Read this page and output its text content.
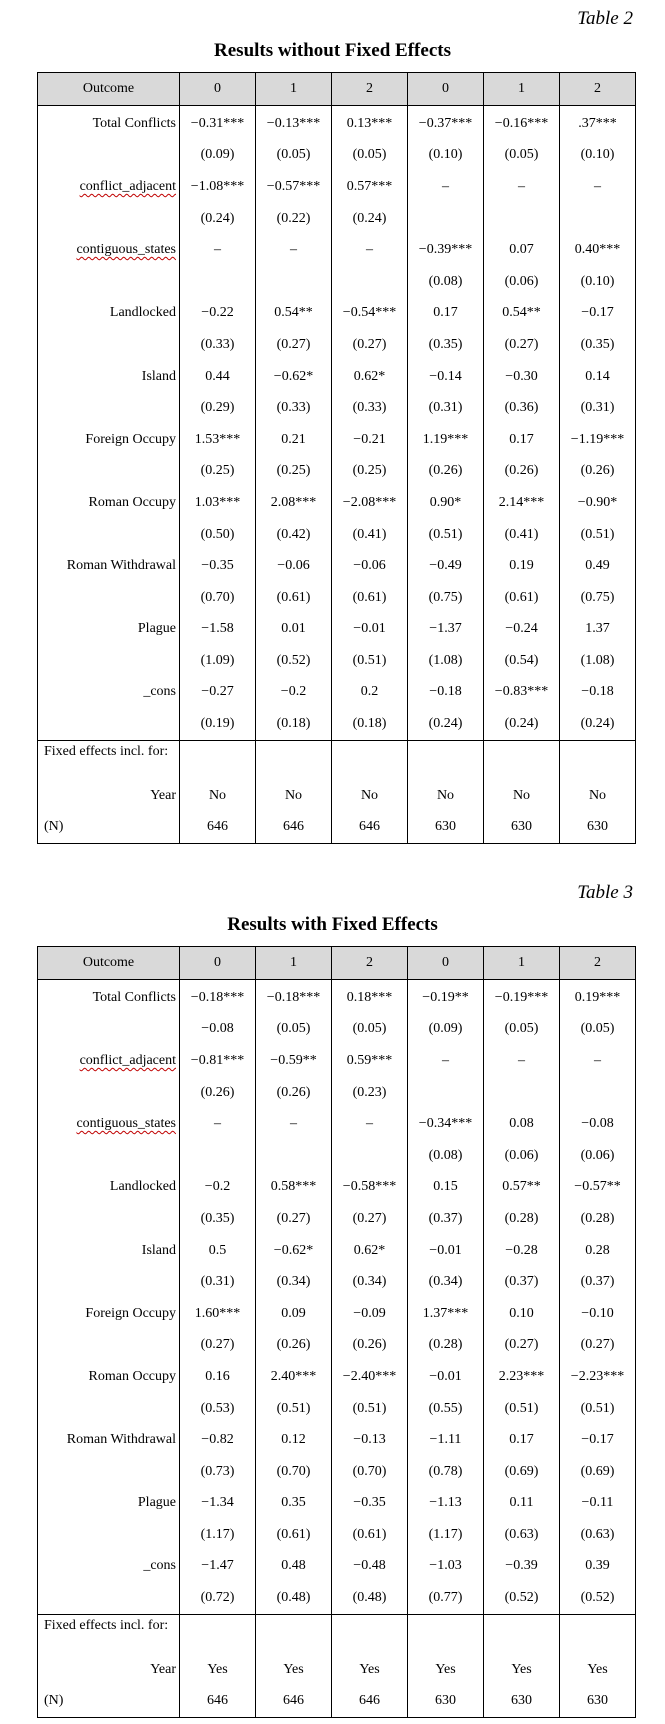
Table 2
Results without Fixed Effects
Outcome	0	1	2	0	1	2
Total Conflicts	−0.31***	−0.13***	0.13***	−0.37***	−0.16***	.37***
	(0.09)	(0.05)	(0.05)	(0.10)	(0.05)	(0.10)
conflict_adjacent	−1.08***	−0.57***	0.57***	–	–	–
	(0.24)	(0.22)	(0.24)			
contiguous_states	–	–	–	−0.39***	0.07	0.40***
				(0.08)	(0.06)	(0.10)
Landlocked	−0.22	0.54**	−0.54***	0.17	0.54**	−0.17
	(0.33)	(0.27)	(0.27)	(0.35)	(0.27)	(0.35)
Island	0.44	−0.62*	0.62*	−0.14	−0.30	0.14
	(0.29)	(0.33)	(0.33)	(0.31)	(0.36)	(0.31)
Foreign Occupy	1.53***	0.21	−0.21	1.19***	0.17	−1.19***
	(0.25)	(0.25)	(0.25)	(0.26)	(0.26)	(0.26)
Roman Occupy	1.03***	2.08***	−2.08***	0.90*	2.14***	−0.90*
	(0.50)	(0.42)	(0.41)	(0.51)	(0.41)	(0.51)
Roman Withdrawal	−0.35	−0.06	−0.06	−0.49	0.19	0.49
	(0.70)	(0.61)	(0.61)	(0.75)	(0.61)	(0.75)
Plague	−1.58	0.01	−0.01	−1.37	−0.24	1.37
	(1.09)	(0.52)	(0.51)	(1.08)	(0.54)	(1.08)
_cons	−0.27	−0.2	0.2	−0.18	−0.83***	−0.18
	(0.19)	(0.18)	(0.18)	(0.24)	(0.24)	(0.24)
Fixed effects incl. for:						
Year	No	No	No	No	No	No
(N)	646	646	646	630	630	630
Table 3
Results with Fixed Effects
Outcome	0	1	2	0	1	2
Total Conflicts	−0.18***	−0.18***	0.18***	−0.19**	−0.19***	0.19***
	−0.08	(0.05)	(0.05)	(0.09)	(0.05)	(0.05)
conflict_adjacent	−0.81***	−0.59**	0.59***	–	–	–
	(0.26)	(0.26)	(0.23)			
contiguous_states	–	–	–	−0.34***	0.08	−0.08
				(0.08)	(0.06)	(0.06)
Landlocked	−0.2	0.58***	−0.58***	0.15	0.57**	−0.57**
	(0.35)	(0.27)	(0.27)	(0.37)	(0.28)	(0.28)
Island	0.5	−0.62*	0.62*	−0.01	−0.28	0.28
	(0.31)	(0.34)	(0.34)	(0.34)	(0.37)	(0.37)
Foreign Occupy	1.60***	0.09	−0.09	1.37***	0.10	−0.10
	(0.27)	(0.26)	(0.26)	(0.28)	(0.27)	(0.27)
Roman Occupy	0.16	2.40***	−2.40***	−0.01	2.23***	−2.23***
	(0.53)	(0.51)	(0.51)	(0.55)	(0.51)	(0.51)
Roman Withdrawal	−0.82	0.12	−0.13	−1.11	0.17	−0.17
	(0.73)	(0.70)	(0.70)	(0.78)	(0.69)	(0.69)
Plague	−1.34	0.35	−0.35	−1.13	0.11	−0.11
	(1.17)	(0.61)	(0.61)	(1.17)	(0.63)	(0.63)
_cons	−1.47	0.48	−0.48	−1.03	−0.39	0.39
	(0.72)	(0.48)	(0.48)	(0.77)	(0.52)	(0.52)
Fixed effects incl. for:						
Year	Yes	Yes	Yes	Yes	Yes	Yes
(N)	646	646	646	630	630	630
